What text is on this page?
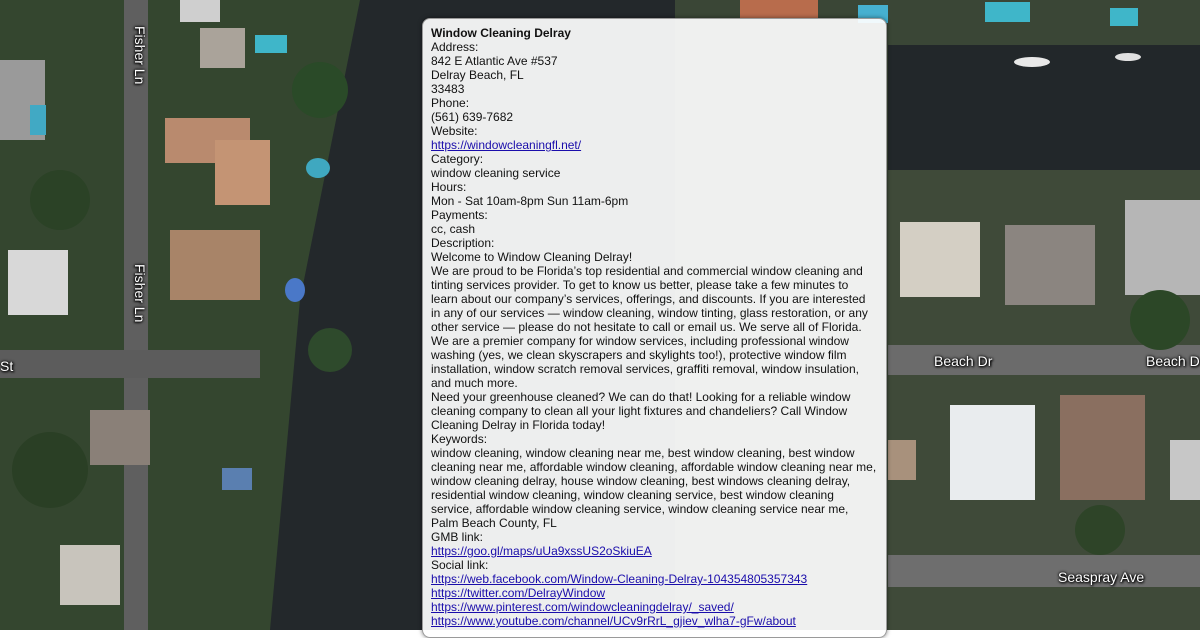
Fisher Ln
Fisher Ln
St	Beach Dr	Beach D
Seaspray Ave
Window Cleaning Delray
Address:
842 E Atlantic Ave #537
Delray Beach, FL
33483
Phone:
(561) 639-7682
Website:
https://windowcleaningfl.net/
Category:
window cleaning service
Hours:
Mon - Sat 10am-8pm Sun 11am-6pm
Payments:
cc, cash
Description:
Welcome to Window Cleaning Delray!
We are proud to be Florida’s top residential and commercial window cleaning and tinting services provider. To get to know us better, please take a few minutes to learn about our company’s services, offerings, and discounts. If you are interested in any of our services — window cleaning, window tinting, glass restoration, or any other service — please do not hesitate to call or email us. We serve all of Florida.
We are a premier company for window services, including professional window washing (yes, we clean skyscrapers and skylights too!), protective window film installation, window scratch removal services, graffiti removal, window insulation, and much more.
Need your greenhouse cleaned? We can do that! Looking for a reliable window cleaning company to clean all your light fixtures and chandeliers? Call Window Cleaning Delray in Florida today!
Keywords:
window cleaning, window cleaning near me, best window cleaning, best window cleaning near me, affordable window cleaning, affordable window cleaning near me, window cleaning delray, house window cleaning, best windows cleaning delray, residential window cleaning, window cleaning service, best window cleaning service, affordable window cleaning service, window cleaning service near me, Palm Beach County, FL
GMB link:
https://goo.gl/maps/uUa9xssUS2oSkiuEA
Social link:
https://web.facebook.com/Window-Cleaning-Delray-104354805357343
https://twitter.com/DelrayWindow
https://www.pinterest.com/windowcleaningdelray/_saved/
https://www.youtube.com/channel/UCv9rRrL_gjiev_wlha7-gFw/about
